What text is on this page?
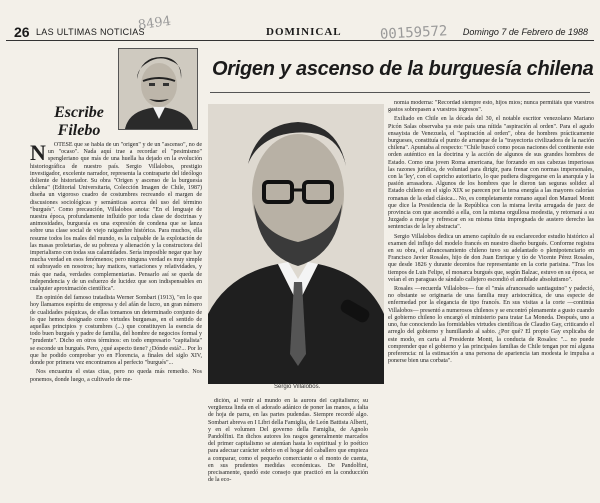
8494
26 LAS ULTIMAS NOTICIAS	DOMINICAL	Domingo 7 de Febrero de 1988
00159572
Origen y ascenso de la burguesía chilena
Escribe Filebo
N	OTESE que se habla de un "origen" y de un "ascenso", no de un "ocaso". Nada aquí trae a recordar el "pesimismo" spengleriano que más de una huella ha dejado en la evolución historiográfica de nuestro país. Sergio Villalobos, prestigio investigador, excelente narrador, representa la contraparte del ideólogo doliente de historiador. Su obra "Origen y ascenso de la burguesía chilena" (Editorial Universitaria, Colección Imagen de Chile, 1987) diseña un vigoroso cuadro de costumbres recreando el margen de discusiones sociológicas y semánticas acerca del uso del término "burgués". Como precaución, Villalobos anota: "En el lenguaje de nuestra época, profundamente influido por toda clase de doctrinas y animosidades, burguesía es una expresión de condena que se lanza sobre una clase social de viejo raigambre histórica. Para muchos, ella resume todos los males del mundo, es la culpable de la explotación de las masas proletarias, de su pobreza y alienación y la constructora del imperialismo con todas sus calamidades. Sería imposible negar que hay mucha verdad en esos fenómenos; pero ninguna verdad es muy simple ni subrayado en nosotros; hay matices, variaciones y relatividades, y más que nada, verdades complementarias. Pensarlo así se queda de independencia y de un esfuerzo de lucidez que son indispensables en cualquier aproximación científica".

En opinión del famoso tratadista Werner Sombart (1913), "en lo que hoy llamamos espíritu de empresa y del afán de lucro, un gran número de cualidades psíquicas, de ellas tomamos un determinado conjunto de lo que hemos designado como virtudes burguesas, en el sentido de aquellas principios y costumbres (...) que constituyen la esencia de todo buen burgués y padre de familia, del hombre de negocios formal y "prudente". Dicho en otros términos: en todo empresario "capitalista" se esconde un burgués. Pero, ¿qué aspecto tiene? ¿Dónde está?... Por lo que he podido comprobar yo en Florencia, a finales del siglo XIV, donde por primera vez encontramos al perfecto "burgués"...

Nos encuantra el estas citas, pero no queda más remedio. Nos ponemos, donde luego, a cultivarlo de me-

Sergio Villalobos.

dición, al venir al mundo en la aurora del capitalismo; su vergüenza linda en el adorado adánico de poner las manos, a falta de hoja de parra, en las partes pudendas. Siempre recordé algo. Sombart abreva en I Libri della Famiglia, de León Battista Alberti, y en el volumen Del governo della Famiglia, de Agnolo Pandolfini. En dichos autores los rasgos generalmente marcados del primer capitalismo se atenúan hasta lo espiritual y lo poético para adecuar carácter sobrio en el hogar del caballero que empieza a comparar, como el pequeño comerciante o el monto de cuenta, en sus prudentes medidas económicas. De Pandolfini, precisamente, quedó este consejo que practicó en la conducción de la eco-

nomía moderna: "Recordad siempre esto, hijos míos; nunca permitáis que vuestros gastos sobrepasen a vuestros ingresos".

Exiliado en Chile en la década del 30, el notable escritor venezolano Mariano Picón Salas observaba ya este país una nítida "aspiración al orden". Para el agudo ensayista de Venezuela, el "aspiración al orden", obra de hombres prácticamente burgueses, constituía el punto de arranque de la "trayectoria civilizadora de la nación chilena". Apuntaba al respecto: "Chile buscó como pocas naciones del continente este orden auténtico en la doctrina y la acción de algunos de sus grandes hombres de Estado. Como una joven Roma americana, fue forzando en sus cabezas imperiosas las razones jurídica, de voluntad para dirigir, para frenar con normas impersonales, con la 'ley', con el capricho autoritario, lo que pudiera disgregarse en la anarquía y la pasión arrasadora. Algunos de los hombres que le dieron tan seguras solidez al Estado chileno en el siglo XIX se parecen por la tersa energía a las mayores calorías romanas de la edad clásica... No, es completamente romano aquel don Manuel Montt que dice la Presidencia de la República con la misma levita arrugada de juez de provincia con que ascendió a ella, con la misma orgullosa modestia, y retornará a su Juzgado a mojar y refrescar en su misma tinta impregnada de austero derecho las sentencias de la ley abstracta".

Sergio Villalobos dedica un ameno capítulo de su esclarecedor estudio histórico al examen del influjo del modelo francés en nuestro diseño burgués. Conforme registra en su obra, el afrancesamiento chileno tuvo su adelantado o plenipotenciario en Francisco Javier Rosales, hijo de don Juan Enrique y tío de Vicente Pérez Rosales, que desde 1826 y durante decenios fue representante en la corte parisina. "Tras los tiempos de Luis Felipe, el monarca burgués que, según Balzac, estuvo en su época, se veían el en paraguas de sándalo callejero escondió el amiblade absolutismo".

Rosales —recuerda Villalobos— fue el "más afrancesado santiaguino" y padeció, no obstante se originaria de una familia muy aristocrática, de una especie de enfermedad por la elegancia de tipo francés. En sus visitas a la corte —continúa Villalobos— presentó a numerosos chilenos y se encontró plenamente a gusto cuando el gobierno chileno lo encargó el ministerio para tratar La Moneda. Después, uno a uno, fue conociendo las formidables virtudes científicas de Claudio Gay, criticando el arreglo del gobierno y humillando al sabio. ¿Por qué? El propio Gay explicaba de este modo, en carta al Presidente Montt, la conducta de Rosales: "... no puede comprender que el gobierno y las principales familias de Chile tengan por mí alguna preferencia: ni la estimación a una persona de apariencia tan modesta le impulsa a ponerse bien una corbata".
